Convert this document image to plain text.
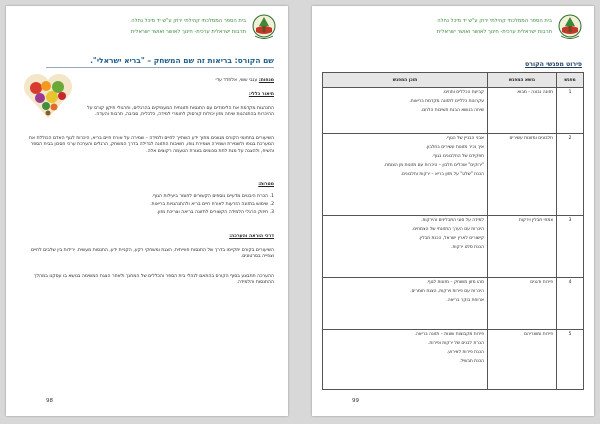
בית הספר הממלכתי קהילתי ירוק ע"ש יד מיכל נחלה
תרבות ישראלית ערכית- חינוך לאושר ואושר ישראלית
שם הקורס: בריאות זה שם המשחק – "בריא ישראלי".
מנחות: ענבי ששי, אלחדד עדי
תיאור כללי:
התנהגות מקדמת את הלימודים עם התנסות תזונתית המעמיקים בהרגלים, ותרגולי תיקון קורס על ההיכרות בהתנהגות שיחה מזון יכולות קורסוק לחומרי למידה, כלכלית, סביבה, תרבות והעדה.
השיעורים בתחומי הקורס מגוונים מתוך ידע השתייך לחיים ולמידה – שמירה על אורח חיים בריא, היכרות לגוף האדם הכוללת את המערכת בגופו ולשמירת ושמירה ושמירת גופו, חשיבות התזונה לגדילה בדרך המשחק, הרגלים והערכת ערכי חסכון בבית הספר והשיח, ולהצגה על מנת לתת סכומים בצורת הטעמה רקוצים אלה.
מטרות:
1. הכרת היבטים מדעיים נוספים הקשורים לחומר ביעילות הגוף.
2. שימוש בתזונה הזרעות לאורח חיים בריא ולהתנהגויות בריאות.
3. חיזוק הרגלי הלמידה הקשורים לתזונה בריאה וצריכת מזון.
דרכי הוראה והערכה:
השיעורים בקורס יתקיימו בדרך של התנסות חווייתית, הצגת ומשחקי רקע, הקניית ידע, התנסות מעשית. ירידות בין שלבים לחיים וצפייה בסרטונים.
ההערכה תתבצע בסוף הקורס בהתאם לנהלי בית הספר והכללים של המחנך ולאחר הצגת המשימה בנושא בו עסקנו במהלך ההתנסות והלמידה.
98
בית הספר הממלכתי קהילתי ירוק ע"ש יד מיכל נחלה
תרבות ישראלית ערכית- חינוך לאושר ואושר ישראלית
פירוט מפגשי הקורס
מפגש	נושא המפגש	תוכן המפגש
1	תזונה נבונה - מבוא	קביעת הכללים וחוזים.

עקרונות כלליים לתזונה מקדמת בריאות.

שיחה בנושא הבנת חשיבות הלחם.

2	חלבונים ומזונות עשירים	אבני הבניין של הגוף.

איך נכיר מזונות עשירים בחלבון.

תפקידם של החלבונים בגוף.

"ירוקים" אוכלים חלבון – היכרות עם מזונות מן הצומח.

הכנת "שלט" על מזון בריא – ירקות וחלבונים.

3	צמחי תבלין וירקות	למידה על סוגי התבלינים והירקות.

היכרות עם הערך התזונתי של הצמחים.

קישורים לארץ ישראל, הכנת תבלין.

הכנת סלט ירקות.

4	פירות ודגנים	מהו מזון משוחק – מזונות לגוף.

היכרות עם פירות וירקות, הצגת חומרים.

ארוחת בוקר בריאה.

5	פירות ומוצריהם	פירות מקבוצות שונות – תזונה בריאה.

הכרת לבנים של ירקות ופירות.

הכנת פירות לאירוע.

הכנת תבשיל.

99
